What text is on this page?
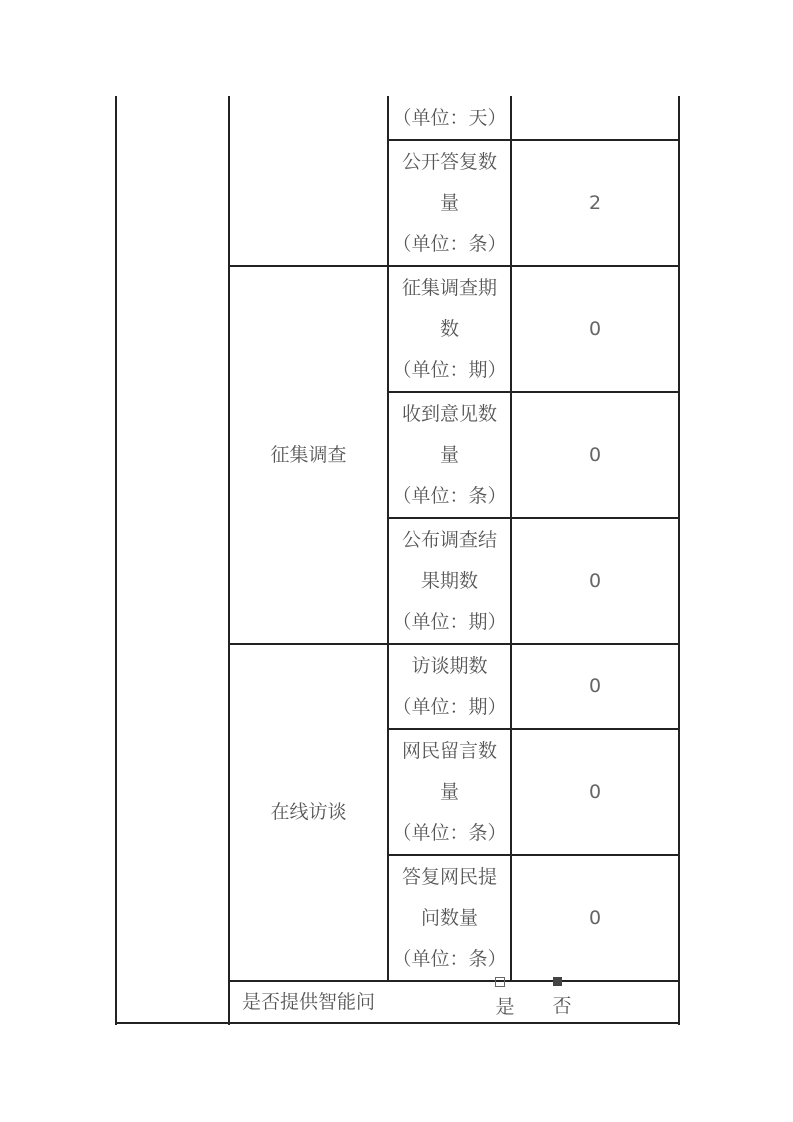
（单位：天）
公开答复数
量
（单位：条）
2
征集调查
征集调查期
数
（单位：期）
0
收到意见数
量
（单位：条）
0
公布调查结
果期数
（单位：期）
0
在线访谈
访谈期数
（单位：期）
0
网民留言数
量
（单位：条）
0
答复网民提
问数量
（单位：条）
0
是否提供智能问	是 否
